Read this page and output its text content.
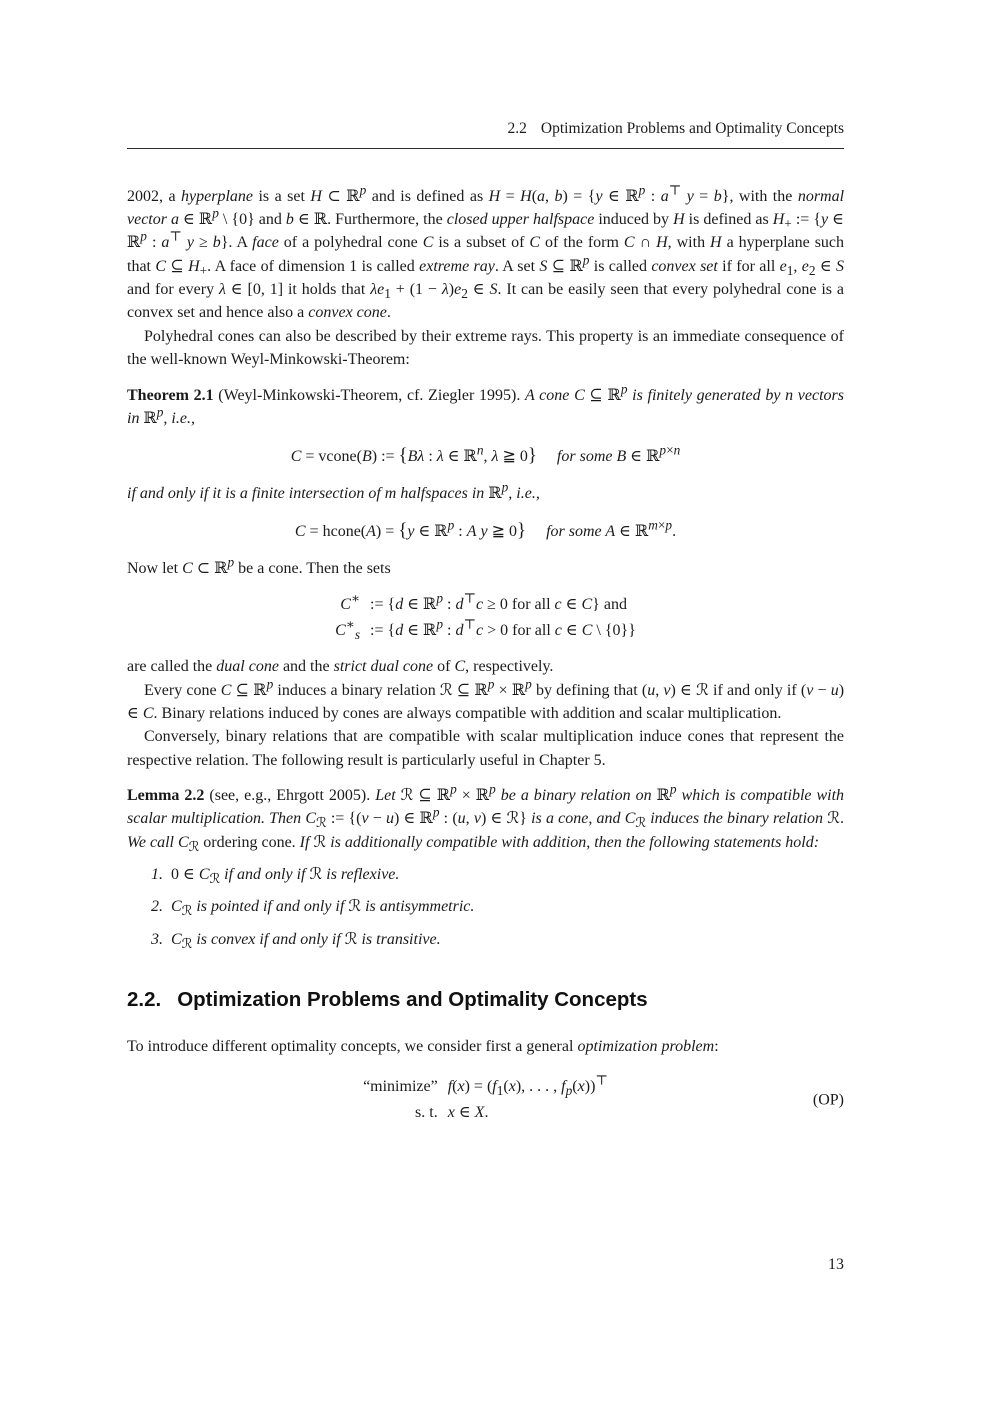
2.2 Optimization Problems and Optimality Concepts

2002, a hyperplane is a set H ⊂ ℝ$^p$ and is defined as H = H(a, b) = {y ∈ ℝ$^p$ : a⊤ y = b}, with the normal vector a ∈ ℝ$^p$ \ {0} and b ∈ ℝ. Furthermore, the closed upper halfspace induced by H is defined as $H_+$ := {y ∈ ℝ$^p$ : a⊤ y ≥ b}. A face of a polyhedral cone C is a subset of C of the form C ∩ H, with H a hyperplane such that C ⊆ $H_+$. A face of dimension 1 is called extreme ray. A set S ⊆ ℝ$^p$ is called convex set if for all $e_1$, $e_2$ ∈ S and for every λ ∈ [0, 1] it holds that $\lambda e_1 + (1 - \lambda)e_2$ ∈ S. It can be easily seen that every polyhedral cone is a convex set and hence also a convex cone.

Polyhedral cones can also be described by their extreme rays. This property is an immediate consequence of the well-known Weyl-Minkowski-Theorem:

Theorem 2.1 (Weyl-Minkowski-Theorem, cf. Ziegler 1995). A cone C ⊆ ℝ$^p$ is finitely generated by n vectors in ℝ$^p$, i.e.,

C = vcone(B) := {Bλ : λ ∈ ℝ$^n$, λ ≧ 0}  for some B ∈ ℝ$^{p\times n}$

if and only if it is a finite intersection of m halfspaces in ℝ$^p$, i.e.,

C = hcone(A) = {y ∈ ℝ$^p$ : A y ≧ 0}  for some A ∈ ℝ$^{m\times p}$.

Now let C ⊂ ℝ$^p$ be a cone. Then the sets

C∗ := {d ∈ ℝ$^p$ : d⊤c ≥ 0 for all c ∈ C} and
$C^∗_s$ := {d ∈ ℝ$^p$ : d⊤c > 0 for all c ∈ C \ {0}}

are called the dual cone and the strict dual cone of C, respectively.

Every cone C ⊆ ℝ$^p$ induces a binary relation ℛ ⊆ ℝ$^p$ × ℝ$^p$ by defining that (u, v) ∈ ℛ if and only if (v − u) ∈ C. Binary relations induced by cones are always compatible with addition and scalar multiplication.

Conversely, binary relations that are compatible with scalar multiplication induce cones that represent the respective relation. The following result is particularly useful in Chapter 5.

Lemma 2.2 (see, e.g., Ehrgott 2005). Let ℛ ⊆ ℝ$^p$ × ℝ$^p$ be a binary relation on ℝ$^p$ which is compatible with scalar multiplication. Then $C_ℛ$ := {(v − u) ∈ ℝ$^p$ : (u, v) ∈ ℛ} is a cone, and $C_ℛ$ induces the binary relation ℛ. We call $C_ℛ$ ordering cone. If ℛ is additionally compatible with addition, then the following statements hold:

1. 0 ∈ $C_ℛ$ if and only if ℛ is reflexive.
2.  $C_ℛ$ is pointed if and only if ℛ is antisymmetric.
3.  $C_ℛ$ is convex if and only if ℛ is transitive.
2.2. Optimization Problems and Optimality Concepts

To introduce different optimality concepts, we consider first a general optimization problem:

“minimize” $f(x) = (f_1(x)$, . . . , $f_p(x))^⊤$
s. t. x ∈ X.
(OP)
13
